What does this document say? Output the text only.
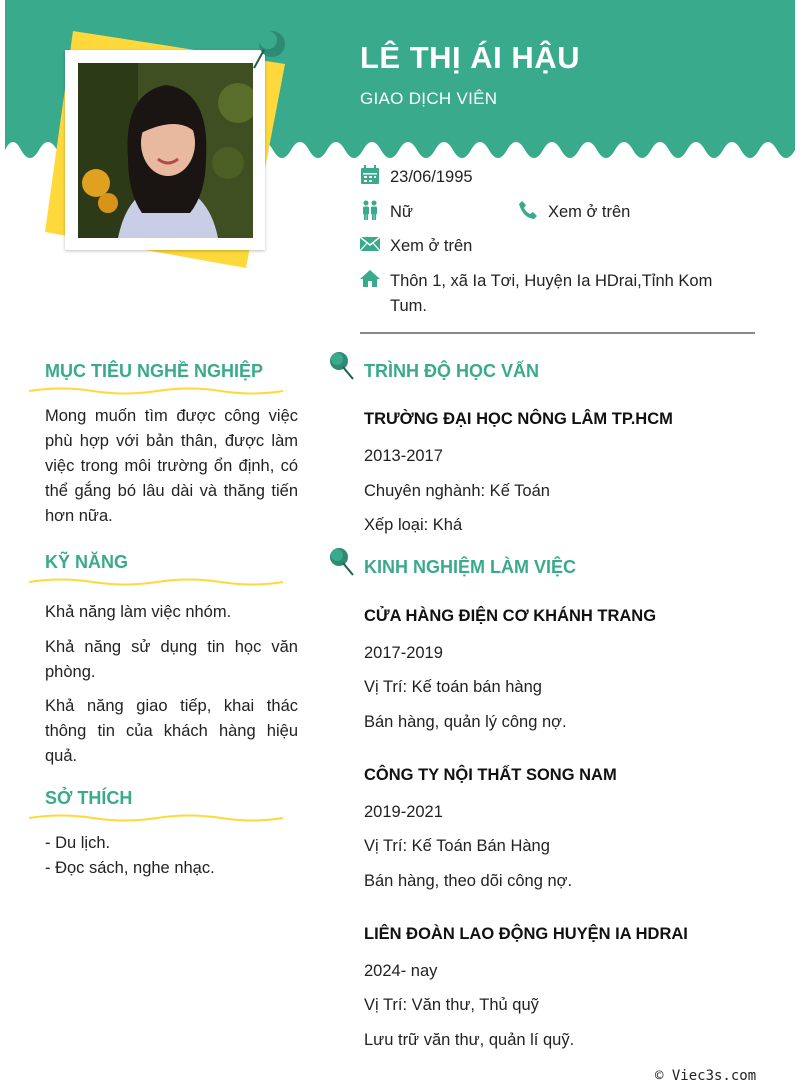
LÊ THỊ ÁI HẬU
GIAO DỊCH VIÊN
23/06/1995
Nữ	Xem ở trên
Xem ở trên
Thôn 1, xã Ia Tơi, Huyện Ia HDrai,Tỉnh Kom
Tum.
MỤC TIÊU NGHỀ NGHIỆP
Mong muốn tìm được công việc phù hợp với bản thân, được làm việc trong môi trường ổn định, có thể gắng bó lâu dài và thăng tiến hơn nữa.
KỸ NĂNG
Khả năng làm việc nhóm.
Khả năng sử dụng tin học văn phòng.
Khả năng giao tiếp, khai thác thông tin của khách hàng hiệu quả.
SỞ THÍCH
- Du lịch.
- Đọc sách, nghe nhạc.
TRÌNH ĐỘ HỌC VẤN
TRƯỜNG ĐẠI HỌC NÔNG LÂM TP.HCM
2013-2017
Chuyên nghành: Kế Toán
Xếp loại: Khá
KINH NGHIỆM LÀM VIỆC
CỬA HÀNG ĐIỆN CƠ KHÁNH TRANG
2017-2019
Vị Trí: Kế toán bán hàng
Bán hàng, quản lý công nợ.
CÔNG TY NỘI THẤT SONG NAM
2019-2021
Vị Trí: Kế Toán Bán Hàng
Bán hàng, theo dõi công nợ.
LIÊN ĐOÀN LAO ĐỘNG HUYỆN IA HDRAI
2024- nay
Vị Trí: Văn thư, Thủ quỹ
Lưu trữ văn thư, quản lí quỹ.
© Viec3s.com
